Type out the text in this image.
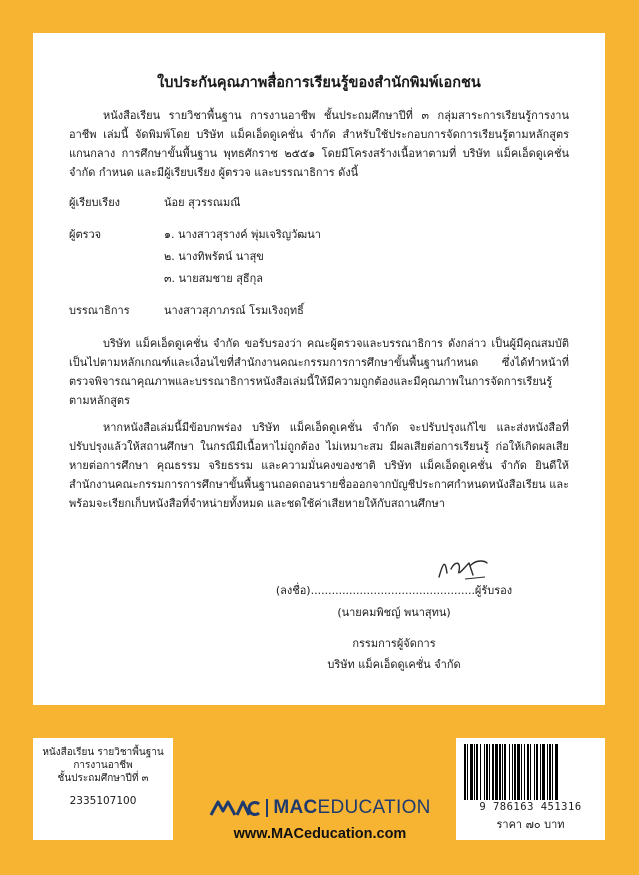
ใบประกันคุณภาพสื่อการเรียนรู้ของสำนักพิมพ์เอกชน

หนังสือเรียน รายวิชาพื้นฐาน การงานอาชีพ ชั้นประถมศึกษาปีที่ ๓ กลุ่มสาระการเรียนรู้การงานอาชีพ เล่มนี้ จัดพิมพ์โดย บริษัท แม็คเอ็ดดูเคชั่น จำกัด สำหรับใช้ประกอบการจัดการเรียนรู้ตามหลักสูตรแกนกลาง การศึกษาขั้นพื้นฐาน พุทธศักราช ๒๕๕๑ โดยมีโครงสร้างเนื้อหาตามที่ บริษัท แม็คเอ็ดดูเคชั่น จำกัด กำหนด และมีผู้เรียบเรียง ผู้ตรวจ และบรรณาธิการ ดังนี้

ผู้เรียบเรียง	น้อย สุวรรณมณี
ผู้ตรวจ	๑. นางสาวสุรางค์ พุ่มเจริญวัฒนา
๒. นางทิพรัตน์ นาสุข
๓. นายสมชาย สุธีกุล
บรรณาธิการ	นางสาวสุภาภรณ์ โรมเริงฤทธิ์

บริษัท แม็คเอ็ดดูเคชั่น จำกัด ขอรับรองว่า คณะผู้ตรวจและบรรณาธิการ ดังกล่าว เป็นผู้มีคุณสมบัติเป็นไปตามหลักเกณฑ์และเงื่อนไขที่สำนักงานคณะกรรมการการศึกษาขั้นพื้นฐานกำหนด ซึ่งได้ทำหน้าที่ตรวจพิจารณาคุณภาพและบรรณาธิการหนังสือเล่มนี้ให้มีความถูกต้องและมีคุณภาพในการจัดการเรียนรู้ตามหลักสูตร

หากหนังสือเล่มนี้มีข้อบกพร่อง บริษัท แม็คเอ็ดดูเคชั่น จำกัด จะปรับปรุงแก้ไข และส่งหนังสือที่ปรับปรุงแล้วให้สถานศึกษา ในกรณีมีเนื้อหาไม่ถูกต้อง ไม่เหมาะสม มีผลเสียต่อการเรียนรู้ ก่อให้เกิดผลเสียหายต่อการศึกษา คุณธรรม จริยธรรม และความมั่นคงของชาติ บริษัท แม็คเอ็ดดูเคชั่น จำกัด ยินดีให้สำนักงานคณะกรรมการการศึกษาขั้นพื้นฐานถอดถอนรายชื่อออกจากบัญชีประกาศกำหนดหนังสือเรียน และพร้อมจะเรียกเก็บหนังสือที่จำหน่ายทั้งหมด และชดใช้ค่าเสียหายให้กับสถานศึกษา

(ลงชื่อ)...............................................ผู้รับรอง
(นายคมพิชญ์ พนาสุทน)
กรรมการผู้จัดการ
บริษัท แม็คเอ็ดดูเคชั่น จำกัด
หนังสือเรียน รายวิชาพื้นฐาน
การงานอาชีพ
ชั้นประถมศึกษาปีที่ ๓
2335107100	MACEDUCATION
www.MACeducation.com
9 786163 451316
ราคา ๗๐ บาท
